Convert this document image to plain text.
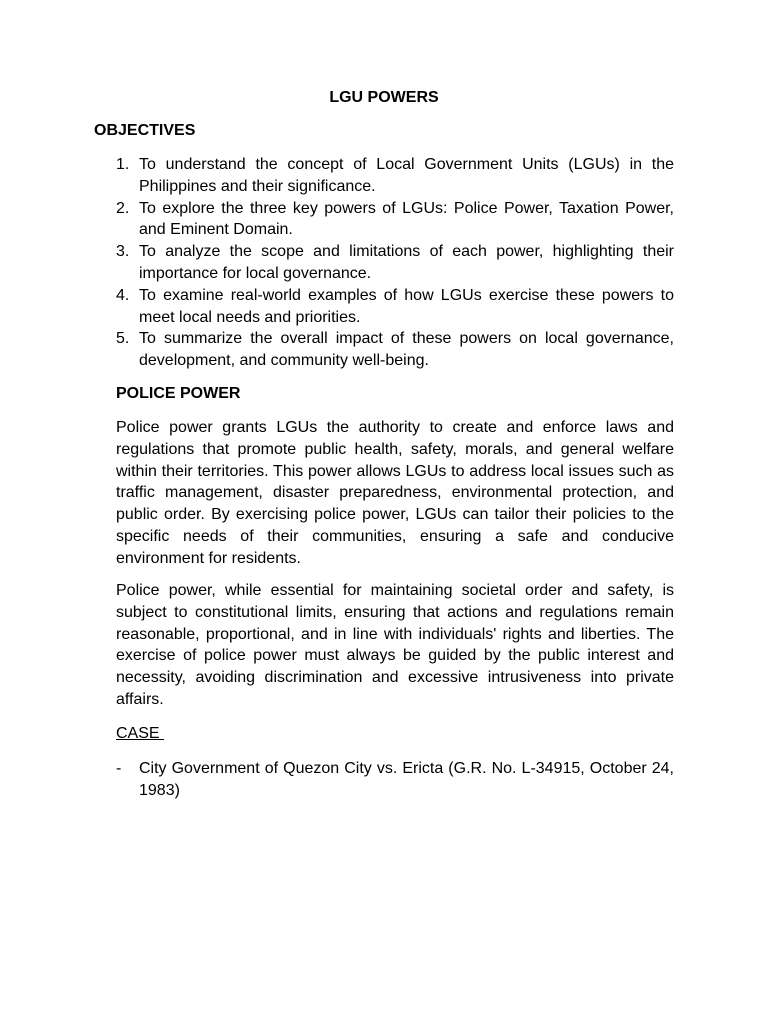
LGU POWERS
OBJECTIVES
1. To understand the concept of Local Government Units (LGUs) in the Philippines and their significance.
2. To explore the three key powers of LGUs: Police Power, Taxation Power, and Eminent Domain.
3. To analyze the scope and limitations of each power, highlighting their importance for local governance.
4. To examine real-world examples of how LGUs exercise these powers to meet local needs and priorities.
5. To summarize the overall impact of these powers on local governance, development, and community well-being.
POLICE POWER

Police power grants LGUs the authority to create and enforce laws and regulations that promote public health, safety, morals, and general welfare within their territories. This power allows LGUs to address local issues such as traffic management, disaster preparedness, environmental protection, and public order. By exercising police power, LGUs can tailor their policies to the specific needs of their communities, ensuring a safe and conducive environment for residents.

Police power, while essential for maintaining societal order and safety, is subject to constitutional limits, ensuring that actions and regulations remain reasonable, proportional, and in line with individuals' rights and liberties. The exercise of police power must always be guided by the public interest and necessity, avoiding discrimination and excessive intrusiveness into private affairs.

CASE
- City Government of Quezon City vs. Ericta (G.R. No. L-34915, October 24, 1983)
